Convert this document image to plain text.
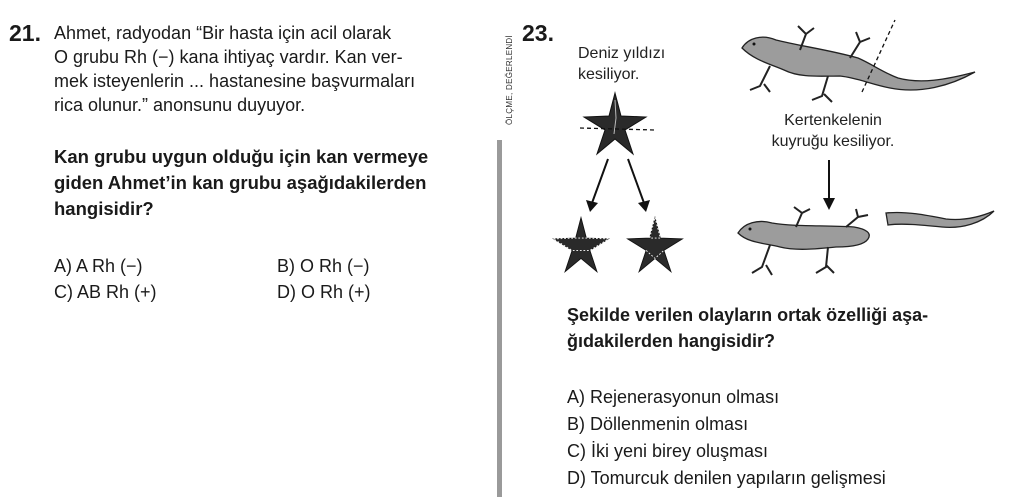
21. Ahmet, radyodan “Bir hasta için acil olarak
O grubu Rh (−) kana ihtiyaç vardır. Kan ver-
mek isteyenlerin ... hastanesine başvurmaları
rica olunur.” anonsunu duyuyor.
Kan grubu uygun olduğu için kan vermeye
giden Ahmet’in kan grubu aşağıdakilerden
hangisidir?
A) A Rh (−)	B) O Rh (−)
C) AB Rh (+)	D) O Rh (+)
ÖLÇME, DEĞERLENDİ
23.
Deniz yıldızı
kesiliyor.
Kertenkelenin
kuyruğu kesiliyor.
Şekilde verilen olayların ortak özelliği aşa-
ğıdakilerden hangisidir?
A) Rejenerasyonun olması
B) Döllenmenin olması
C) İki yeni birey oluşması
D) Tomurcuk denilen yapıların gelişmesi
